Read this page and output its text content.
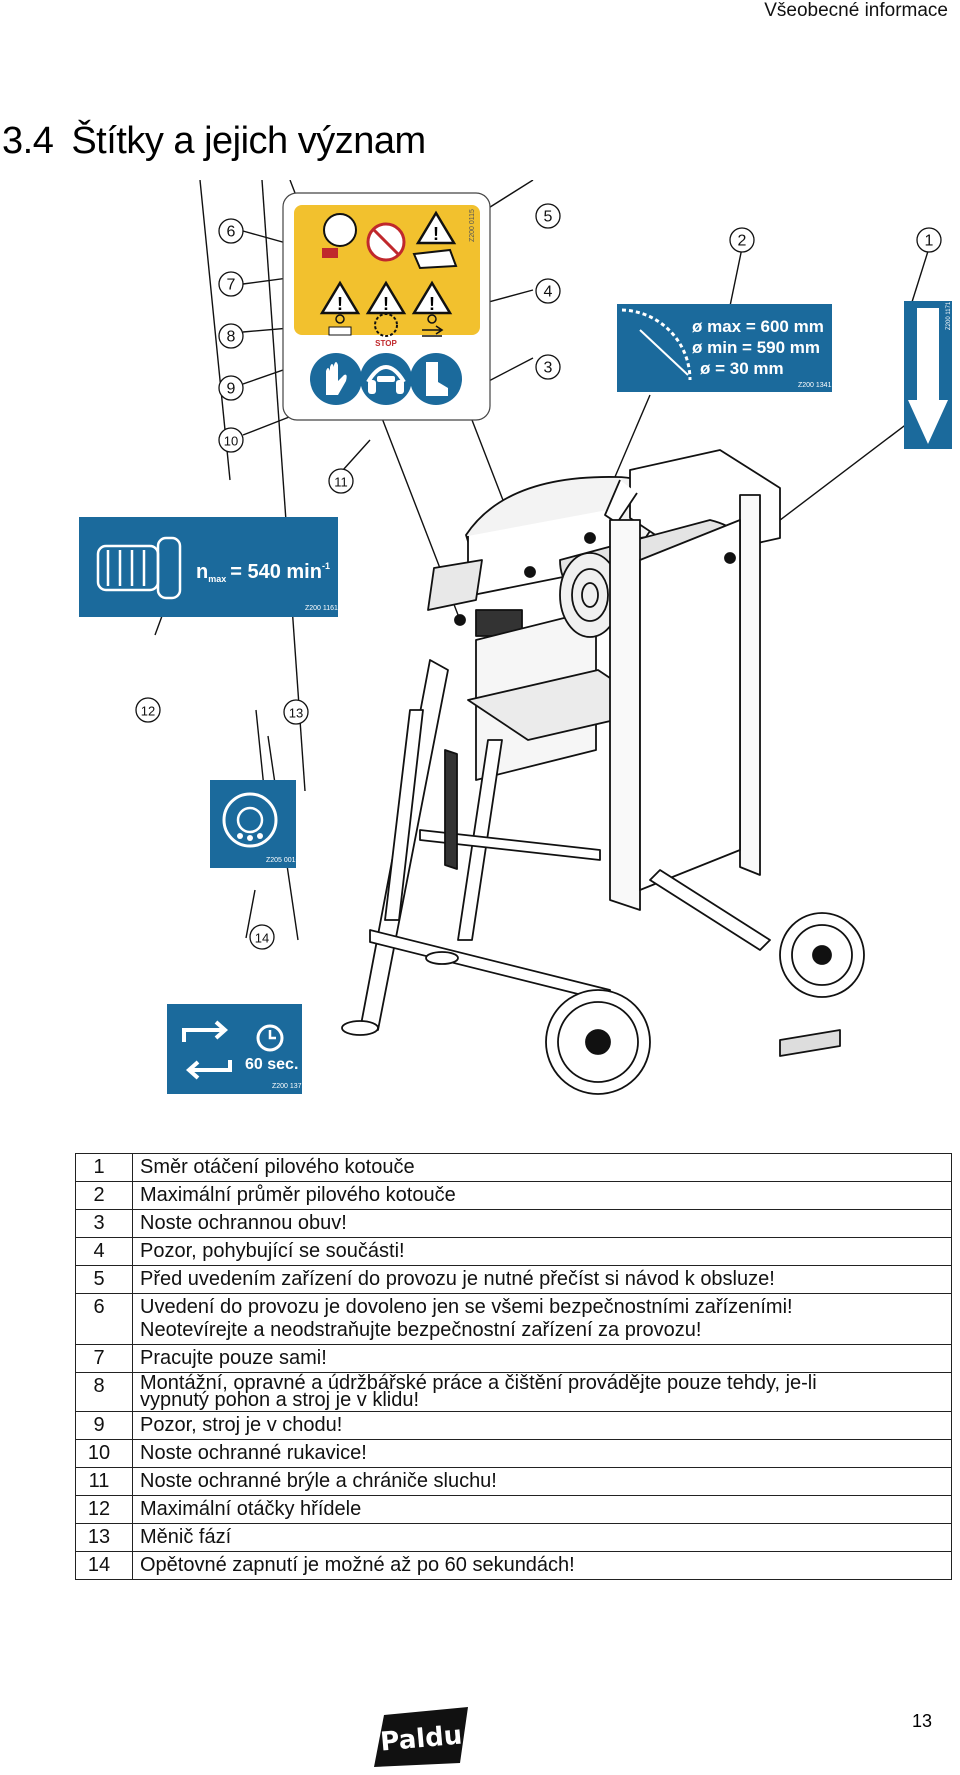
Všeobecné informace
3.4 Štítky a jejich význam
1
2
3
4
5
6
7
8
9
10
11
12	13
14
!
! ! !
STOP
Z200 0115
ø max = 600 mm
ø min = 590 mm
ø = 30 mm
Z200 1341
Z200 1171
$n_{max} = 540$ $\min^{-1}$
Z200 1161
Z205 0010
60 sec.
Z200 1372
1	Směr otáčení pilového kotouče

2	Maximální průměr pilového kotouče

3	Noste ochrannou obuv!

4	Pozor, pohybující se součásti!

5	Před uvedením zařízení do provozu je nutné přečíst si návod k obsluze!

6	Uvedení do provozu je dovoleno jen se všemi bezpečnostními zařízeními!
Neotevírejte a neodstraňujte bezpečnostní zařízení za provozu!

7	Pracujte pouze sami!

8	Montážní, opravné a údržbářské práce a čištění provádějte pouze tehdy, je-li
vypnutý pohon a stroj je v klidu!

9	Pozor, stroj je v chodu!

10	Noste ochranné rukavice!

11	Noste ochranné brýle a chrániče sluchu!

12	Maximální otáčky hřídele

13	Měnič fází

14	Opětovné zapnutí je možné až po 60 sekundách!
Paldu	13
